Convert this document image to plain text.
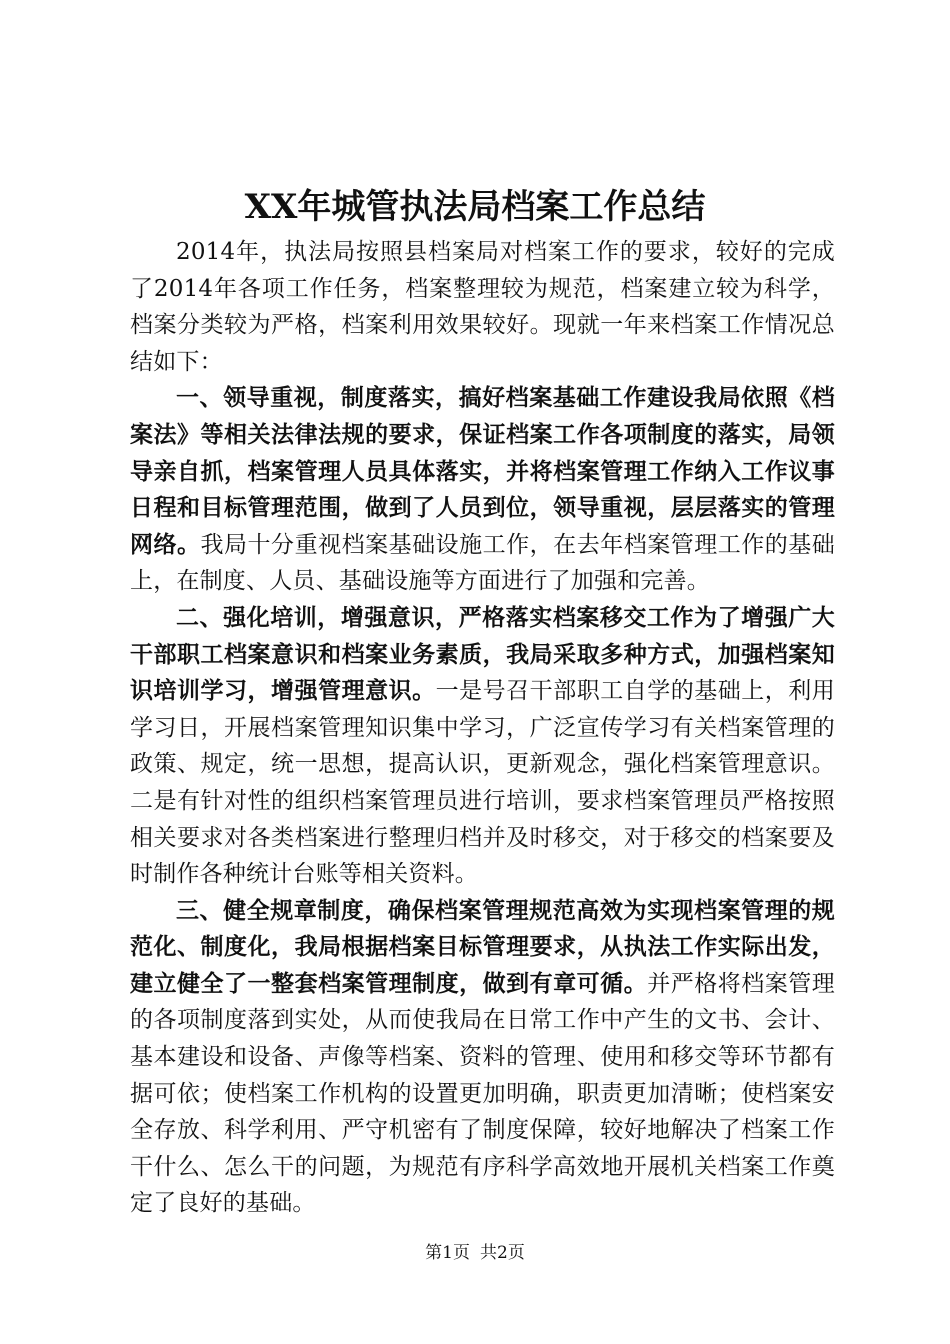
XX年城管执法局档案工作总结

2014年，执法局按照县档案局对档案工作的要求，较好的完成了2014年各项工作任务，档案整理较为规范，档案建立较为科学，档案分类较为严格，档案利用效果较好。现就一年来档案工作情况总结如下：

一、领导重视，制度落实，搞好档案基础工作建设我局依照《档案法》等相关法律法规的要求，保证档案工作各项制度的落实，局领导亲自抓，档案管理人员具体落实，并将档案管理工作纳入工作议事日程和目标管理范围，做到了人员到位，领导重视，层层落实的管理网络。我局十分重视档案基础设施工作，在去年档案管理工作的基础上，在制度、人员、基础设施等方面进行了加强和完善。

二、强化培训，增强意识，严格落实档案移交工作为了增强广大干部职工档案意识和档案业务素质，我局采取多种方式，加强档案知识培训学习，增强管理意识。一是号召干部职工自学的基础上，利用学习日，开展档案管理知识集中学习，广泛宣传学习有关档案管理的政策、规定，统一思想，提高认识，更新观念，强化档案管理意识。二是有针对性的组织档案管理员进行培训，要求档案管理员严格按照相关要求对各类档案进行整理归档并及时移交，对于移交的档案要及时制作各种统计台账等相关资料。

三、健全规章制度，确保档案管理规范高效为实现档案管理的规范化、制度化，我局根据档案目标管理要求，从执法工作实际出发，建立健全了一整套档案管理制度，做到有章可循。并严格将档案管理的各项制度落到实处，从而使我局在日常工作中产生的文书、会计、基本建设和设备、声像等档案、资料的管理、使用和移交等环节都有据可依；使档案工作机构的设置更加明确，职责更加清晰；使档案安全存放、科学利用、严守机密有了制度保障，较好地解决了档案工作干什么、怎么干的问题，为规范有序科学高效地开展机关档案工作奠定了良好的基础。

第1页 共2页
